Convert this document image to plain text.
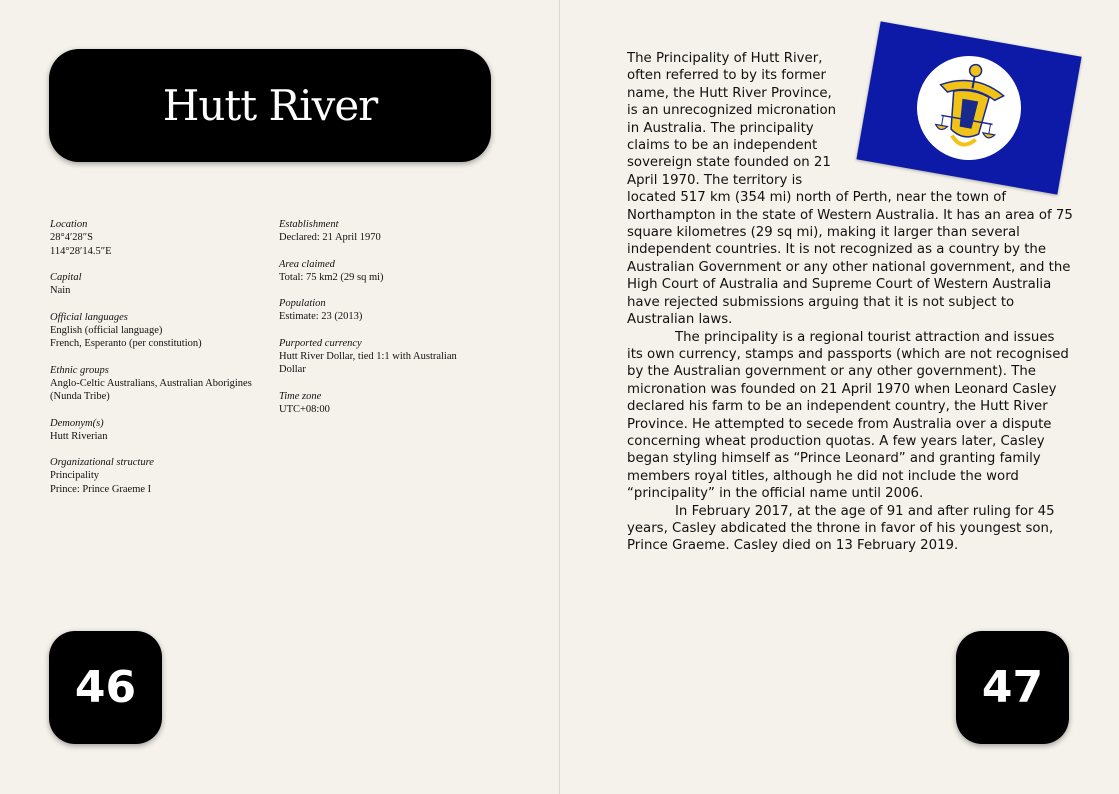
Hutt River
Location
28°4′28″S
114°28′14.5″E
Capital
Nain
Official languages
English (official language)
French, Esperanto (per constitution)
Ethnic groups
Anglo-Celtic Australians, Australian Aborigines (Nunda Tribe)
Demonym(s)
Hutt Riverian
Organizational structure
Principality
Prince: Prince Graeme I
Establishment
Declared: 21 April 1970
Area claimed
Total: 75 km2 (29 sq mi)
Population
Estimate: 23 (2013)
Purported currency
Hutt River Dollar, tied 1:1 with Australian Dollar
Time zone
UTC+08:00
46

The Principality of Hutt River, often referred to by its former name, the Hutt River Province, is an unrecognized micronation in Australia. The principality claims to be an independent sovereign state founded on 21 April 1970. The territory is located 517 km (354 mi) north of Perth, near the town of Northampton in the state of Western Australia. It has an area of 75 square kilometres (29 sq mi), making it larger than several independent countries. It is not recognized as a country by the Australian Government or any other national government, and the High Court of Australia and Supreme Court of Western Australia have rejected submissions arguing that it is not subject to Australian laws.

The principality is a regional tourist attraction and issues its own currency, stamps and passports (which are not recognised by the Australian government or any other government). The micronation was founded on 21 April 1970 when Leonard Casley declared his farm to be an independent country, the Hutt River Province. He attempted to secede from Australia over a dispute concerning wheat production quotas. A few years later, Casley began styling himself as “Prince Leonard” and granting family members royal titles, although he did not include the word “principality” in the official name until 2006.

In February 2017, at the age of 91 and after ruling for 45 years, Casley abdicated the throne in favor of his youngest son, Prince Graeme. Casley died on 13 February 2019.

47
